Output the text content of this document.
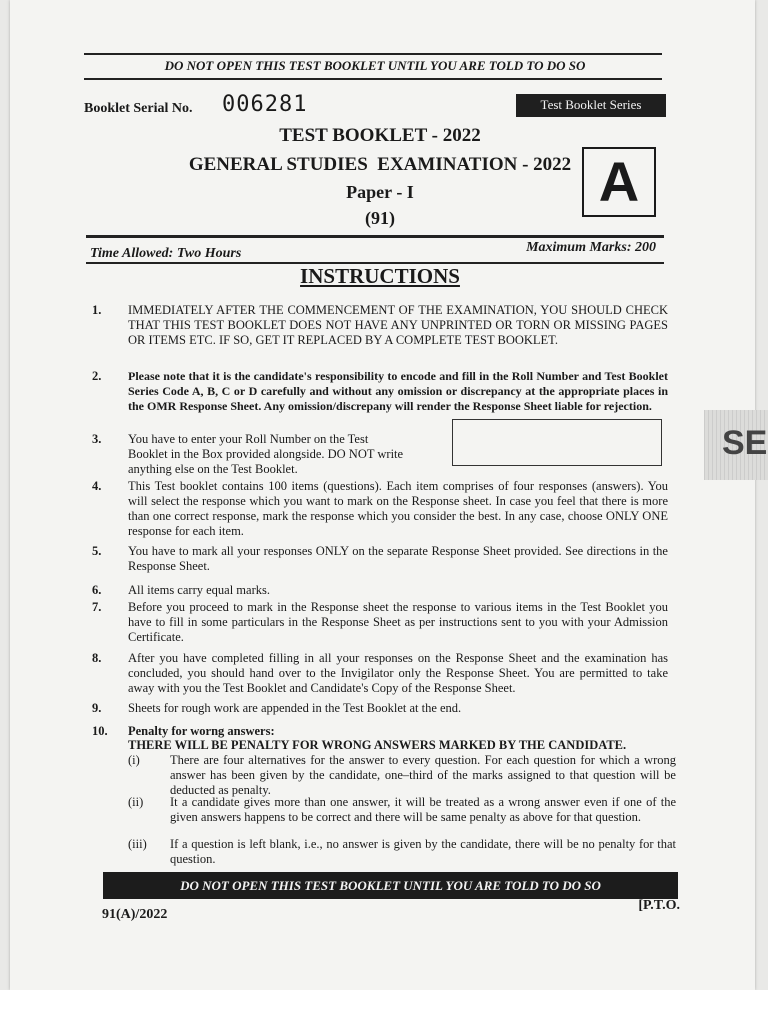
SE
DO NOT OPEN THIS TEST BOOKLET UNTIL YOU ARE TOLD TO DO SO
Booklet Serial No. 006281	Test Booklet Series
TEST BOOKLET - 2022
GENERAL STUDIES  EXAMINATION - 2022
Paper - I
(91)
A
Time Allowed: Two Hours	Maximum Marks: 200
INSTRUCTIONS
1.	IMMEDIATELY AFTER THE COMMENCEMENT OF THE EXAMINATION, YOU SHOULD CHECK THAT THIS TEST BOOKLET DOES NOT HAVE ANY UNPRINTED OR TORN OR MISSING PAGES OR ITEMS ETC. IF SO, GET IT REPLACED BY A COMPLETE TEST BOOKLET.
2.	Please note that it is the candidate's responsibility to encode and fill in the Roll Number and Test Booklet Series Code A, B, C or D carefully and without any omission or discrepancy at the appropriate places in the OMR Response Sheet. Any omission/discrepany will render the Response Sheet liable for rejection.
3.	You have to enter your Roll Number on the Test Booklet in the Box provided alongside. DO NOT write anything else on the Test Booklet.
4.	This Test booklet contains 100 items (questions). Each item comprises of four responses (answers). You will select the response which you want to mark on the Response sheet. In case you feel that there is more than one correct response, mark the response which you consider the best. In any case, choose ONLY ONE response for each item.
5.	You have to mark all your responses ONLY on the separate Response Sheet provided. See directions in the Response Sheet.
6.	All items carry equal marks.
7.	Before you proceed to mark in the Response sheet the response to various items in the Test Booklet you have to fill in some particulars in the Response Sheet as per instructions sent to you with your Admission Certificate.
8.	After you have completed filling in all your responses on the Response Sheet and the examination has concluded, you should hand over to the Invigilator only the Response Sheet. You are permitted to take away with you the Test Booklet and Candidate's Copy of the Response Sheet.
9.	Sheets for rough work are appended in the Test Booklet at the end.
10.	Penalty for worng answers:
THERE WILL BE PENALTY FOR WRONG ANSWERS MARKED BY THE CANDIDATE.
(i)	There are four alternatives for the answer to every question. For each question for which a wrong answer has been given by the candidate, one–third of the marks assigned to that question will be deducted as penalty.
(ii)	It a candidate gives more than one answer, it will be treated as a wrong answer even if one of the given answers happens to be correct and there will be same penalty as above for that question.
(iii)	If a question is left blank, i.e., no answer is given by the candidate, there will be no penalty for that question.
DO NOT OPEN THIS TEST BOOKLET UNTIL YOU ARE TOLD TO DO SO
91(A)/2022
[P.T.O.
